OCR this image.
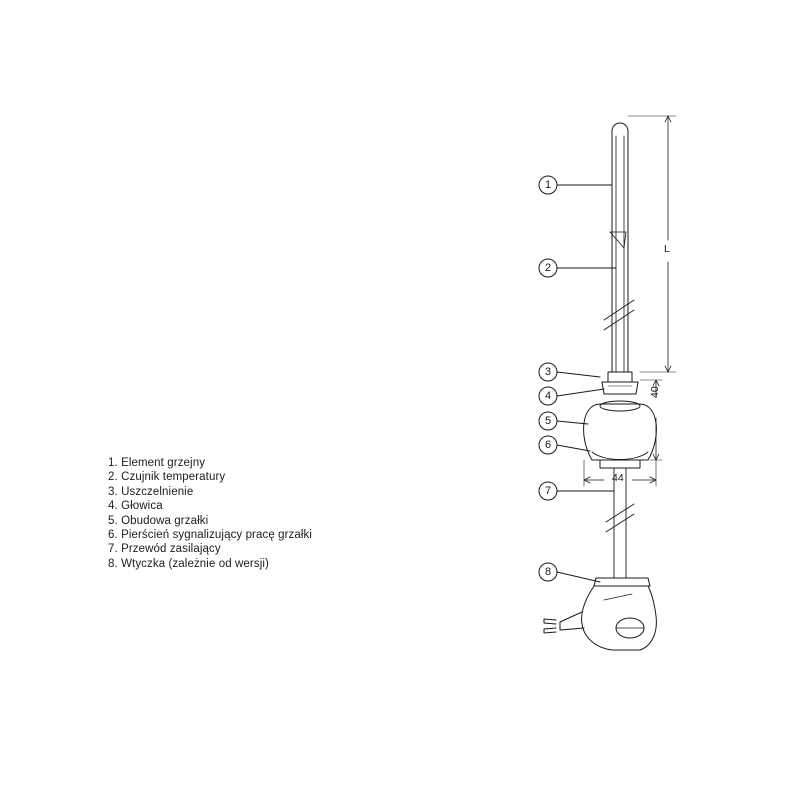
1
2
3
4
5
6
7
8
L
40
44
1. Element grzejny
2. Czujnik temperatury
3. Uszczelnienie
4. Głowica
5. Obudowa grzałki
6. Pierścień sygnalizujący pracę grzałki
7. Przewód zasilający
8. Wtyczka (zależnie od wersji)
